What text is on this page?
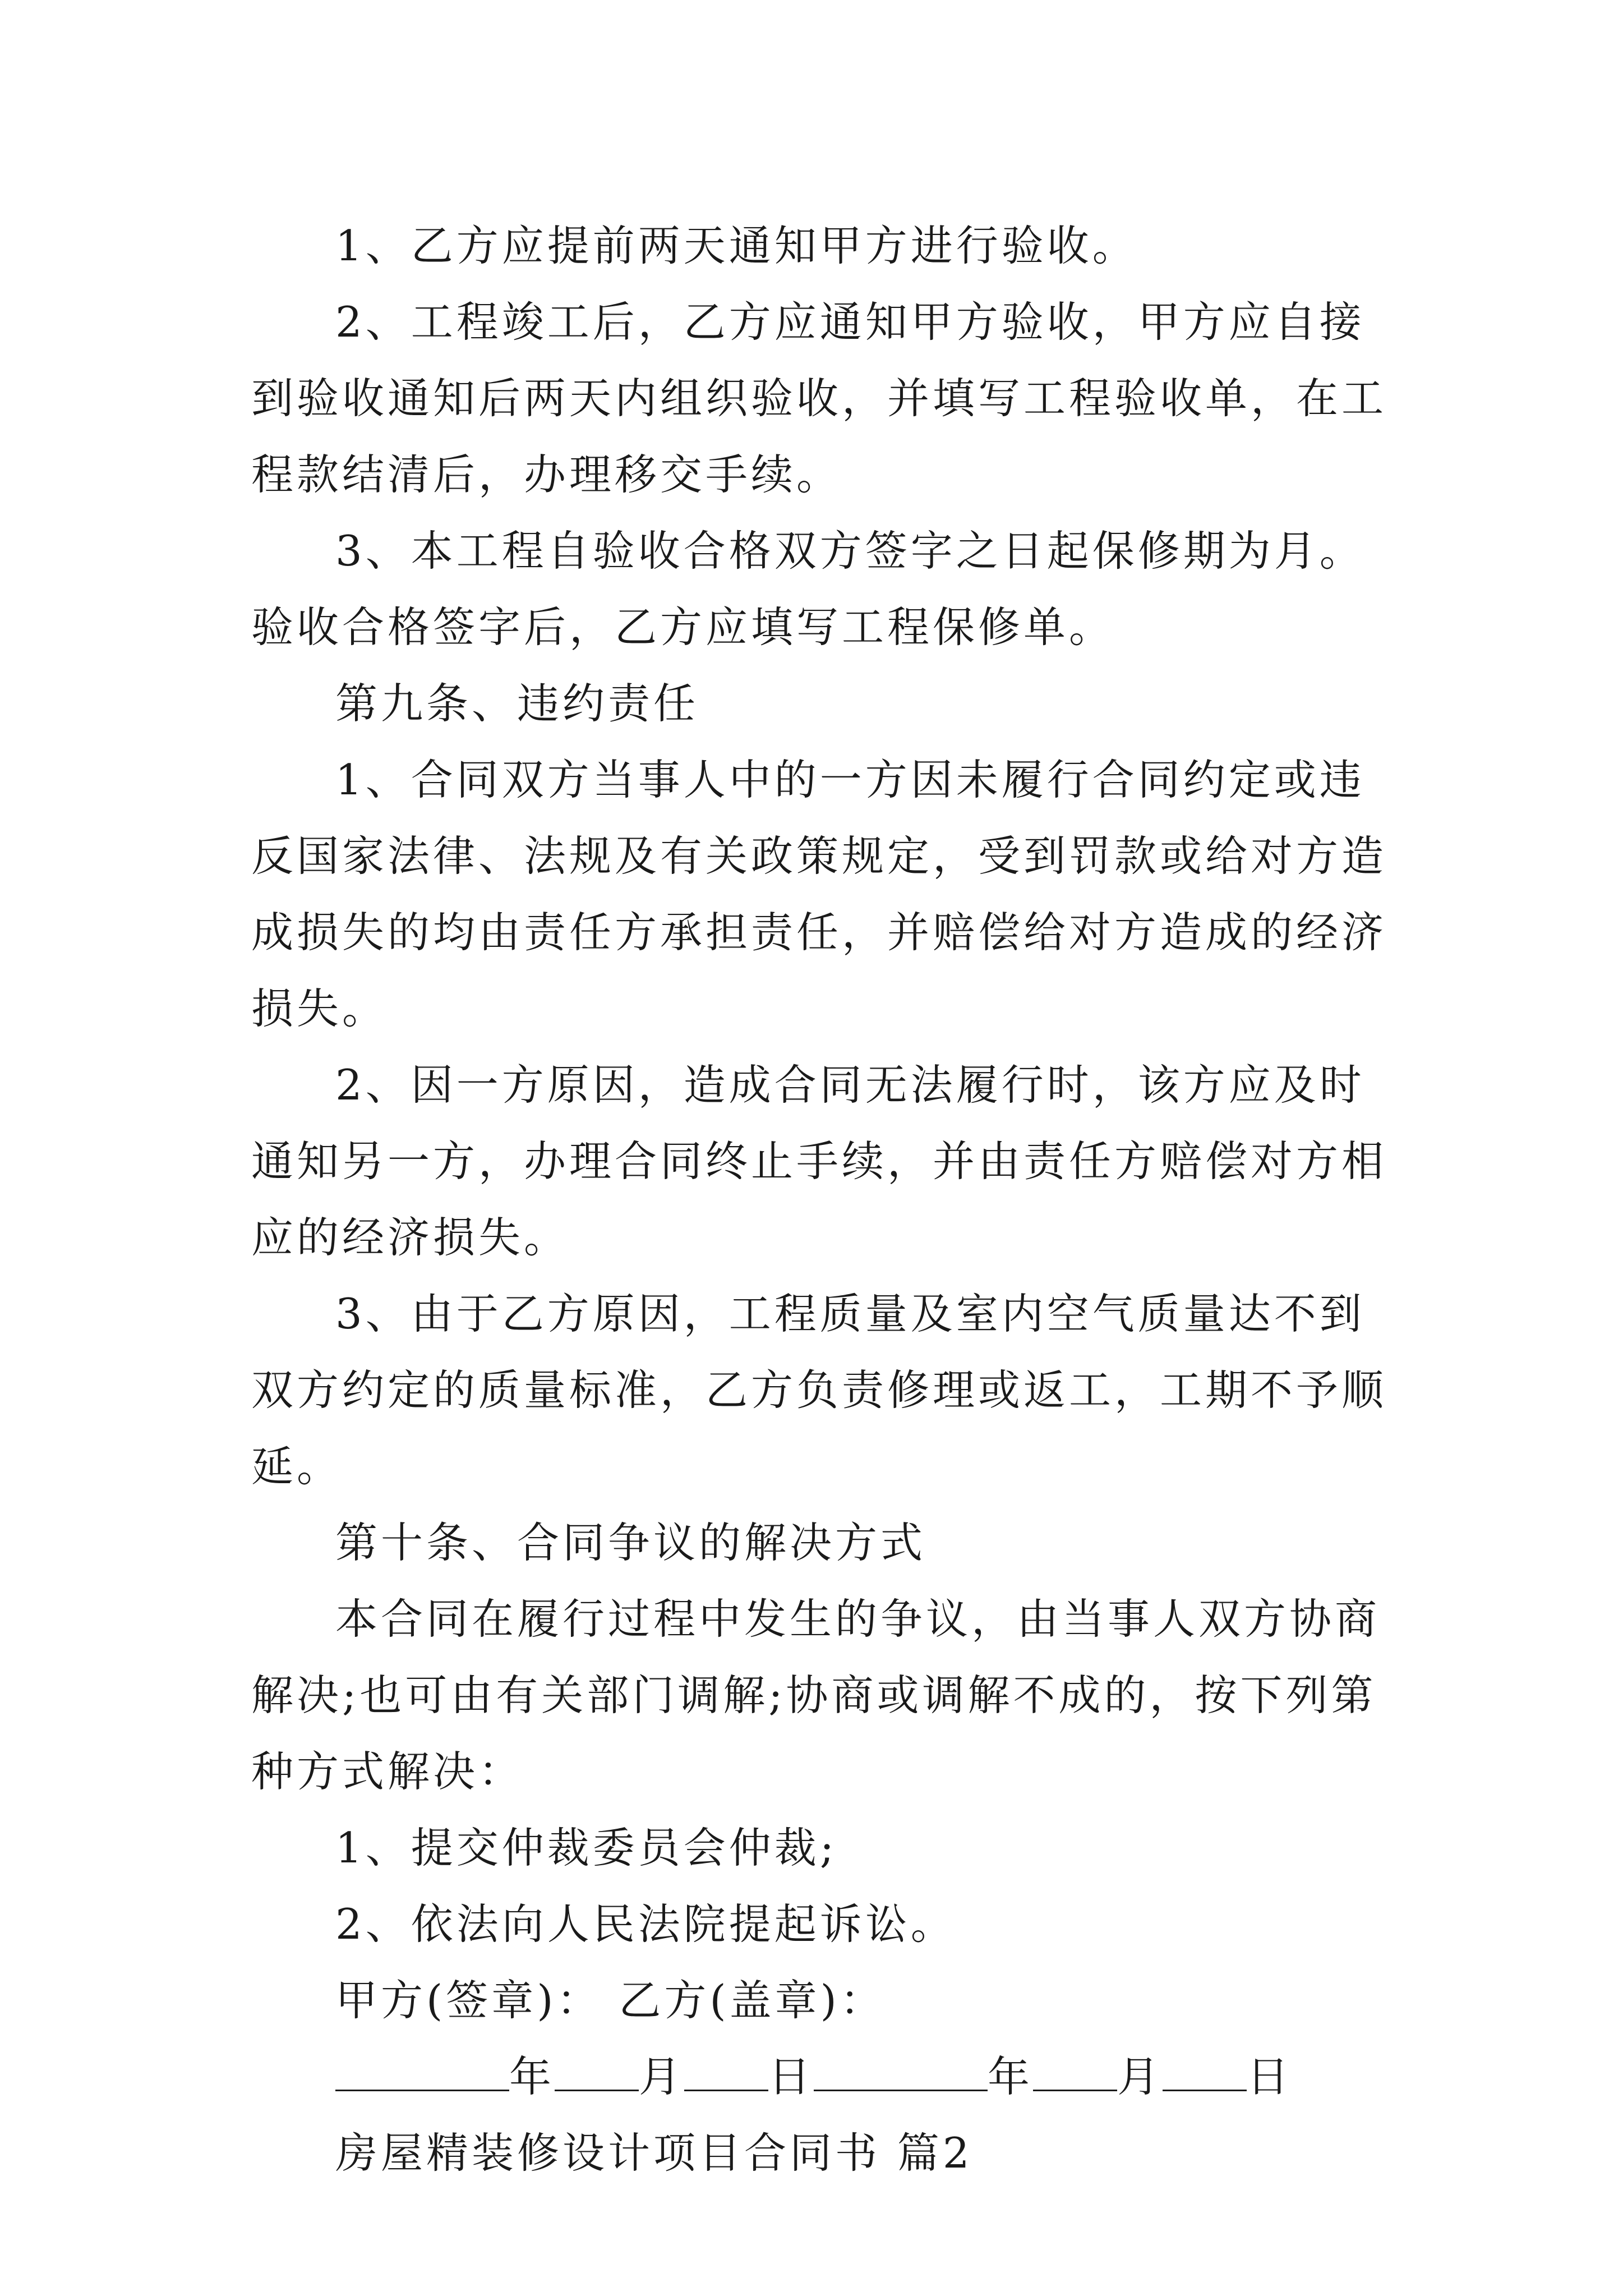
1、乙方应提前两天通知甲方进行验收。

2、工程竣工后，乙方应通知甲方验收，甲方应自接到验收通知后两天内组织验收，并填写工程验收单，在工程款结清后，办理移交手续。

3、本工程自验收合格双方签字之日起保修期为月。验收合格签字后，乙方应填写工程保修单。

第九条、违约责任

1、合同双方当事人中的一方因未履行合同约定或违反国家法律、法规及有关政策规定，受到罚款或给对方造成损失的均由责任方承担责任，并赔偿给对方造成的经济损失。

2、因一方原因，造成合同无法履行时，该方应及时通知另一方，办理合同终止手续，并由责任方赔偿对方相应的经济损失。

3、由于乙方原因，工程质量及室内空气质量达不到双方约定的质量标准，乙方负责修理或返工，工期不予顺延。

第十条、合同争议的解决方式

本合同在履行过程中发生的争议，由当事人双方协商解决;也可由有关部门调解;协商或调解不成的，按下列第种方式解决：

1、提交仲裁委员会仲裁;

2、依法向人民法院提起诉讼。

甲方(签章)： 乙方(盖章)：

年 月 日	年 月 日

房屋精装修设计项目合同书 篇2
